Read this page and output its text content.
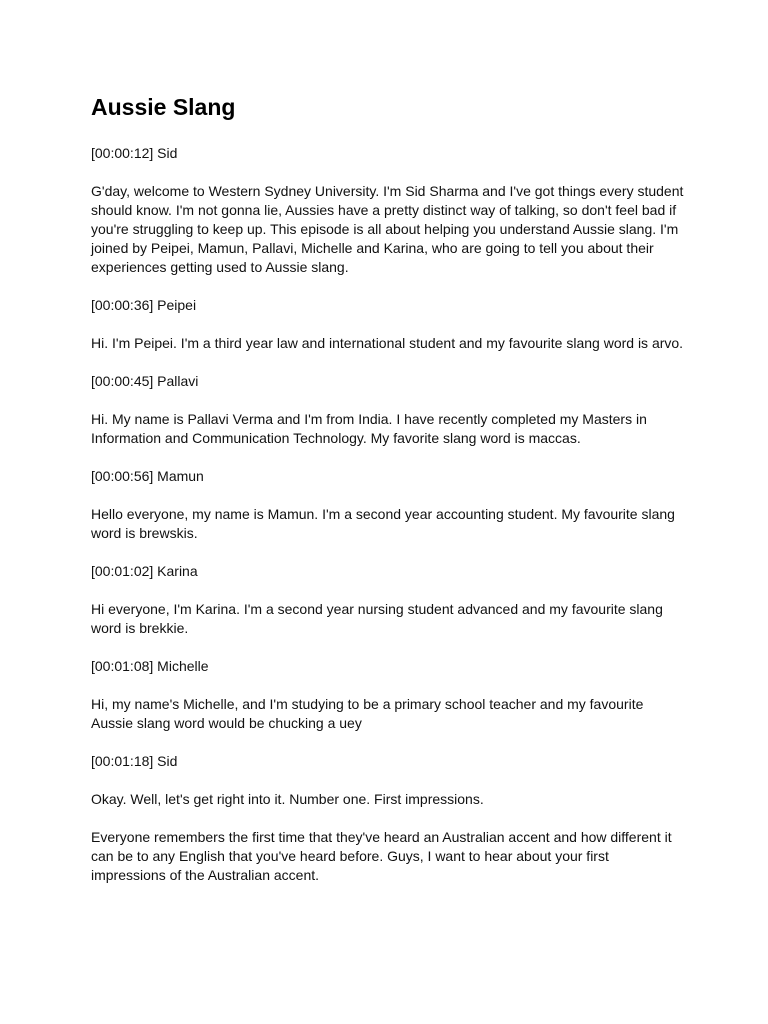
Aussie Slang

[00:00:12] Sid

G'day, welcome to Western Sydney University. I'm Sid Sharma and I've got things every student
should know. I'm not gonna lie, Aussies have a pretty distinct way of talking, so don't feel bad if
you're struggling to keep up. This episode is all about helping you understand Aussie slang. I'm
joined by Peipei, Mamun, Pallavi, Michelle and Karina, who are going to tell you about their
experiences getting used to Aussie slang.

[00:00:36] Peipei

Hi. I'm Peipei. I'm a third year law and international student and my favourite slang word is arvo.

[00:00:45] Pallavi

Hi. My name is Pallavi Verma and I'm from India. I have recently completed my Masters in
Information and Communication Technology. My favorite slang word is maccas.

[00:00:56] Mamun

Hello everyone, my name is Mamun. I'm a second year accounting student. My favourite slang
word is brewskis.

[00:01:02] Karina

Hi everyone, I'm Karina. I'm a second year nursing student advanced and my favourite slang
word is brekkie.

[00:01:08] Michelle

Hi, my name's Michelle, and I'm studying to be a primary school teacher and my favourite
Aussie slang word would be chucking a uey

[00:01:18] Sid

Okay. Well, let's get right into it. Number one. First impressions.

Everyone remembers the first time that they've heard an Australian accent and how different it
can be to any English that you've heard before. Guys, I want to hear about your first
impressions of the Australian accent.
